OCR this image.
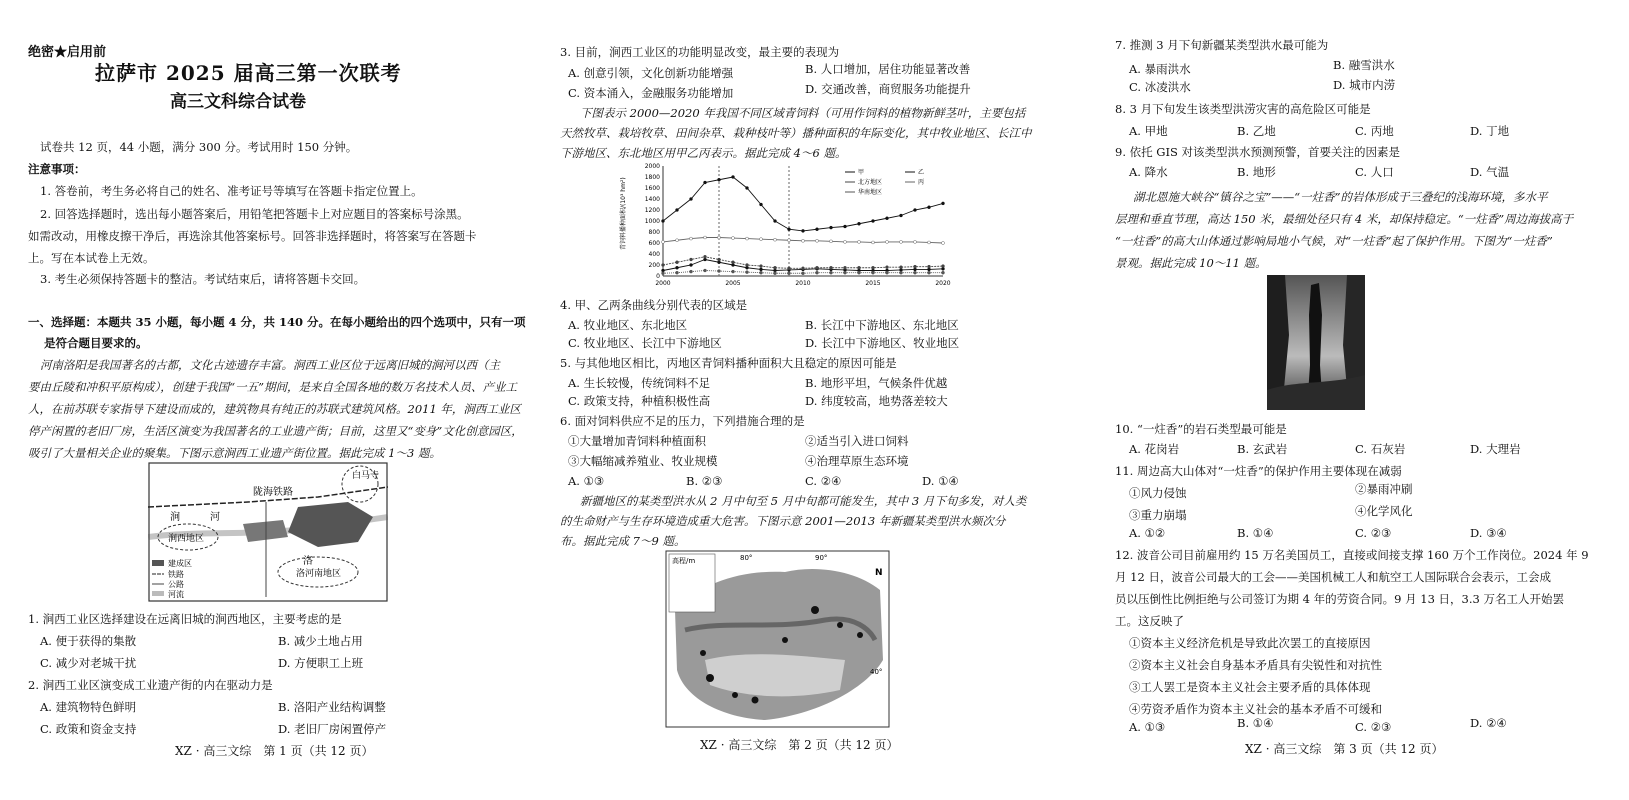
绝密★启用前
拉萨市 2025 届高三第一次联考
高三文科综合试卷
试卷共 12 页，44 小题，满分 300 分。考试用时 150 分钟。
注意事项：
1. 答卷前，考生务必将自己的姓名、准考证号等填写在答题卡指定位置上。
2. 回答选择题时，选出每小题答案后，用铅笔把答题卡上对应题目的答案标号涂黑。
如需改动，用橡皮擦干净后，再选涂其他答案标号。回答非选择题时，将答案写在答题卡
上。写在本试卷上无效。
3. 考生必须保持答题卡的整洁。考试结束后，请将答题卡交回。
一、选择题：本题共 35 小题，每小题 4 分，共 140 分。在每小题给出的四个选项中，只有一项
是符合题目要求的。
河南洛阳是我国著名的古都，文化古迹遗存丰富。涧西工业区位于远离旧城的涧河以西（主
要由丘陵和冲积平原构成），创建于我国“一五”期间，是来自全国各地的数万名技术人员、产业工
人，在前苏联专家指导下建设而成的，建筑物具有纯正的苏联式建筑风格。2011 年，涧西工业区
停产闲置的老旧厂房，生活区演变为我国著名的工业遗产街；目前，这里又“变身”文化创意园区，
吸引了大量相关企业的聚集。下图示意涧西工业遗产街位置。据此完成 1～3 题。
陇海铁路
白马寺
涧	河
洛
涧西地区
洛河南地区
建成区
铁路
公路
河流
1. 涧西工业区选择建设在远离旧城的涧西地区，主要考虑的是
A. 便于获得的集散	B. 减少土地占用
C. 减少对老城干扰	D. 方便职工上班
2. 涧西工业区演变成工业遗产街的内在驱动力是
A. 建筑物特色鲜明	B. 洛阳产业结构调整
C. 政策和资金支持	D. 老旧厂房闲置停产
XZ · 高三文综　第 1 页（共 12 页）
3. 目前，涧西工业区的功能明显改变，最主要的表现为
A. 创意引领，文化创新功能增强	B. 人口增加，居住功能显著改善
C. 资本涌入，金融服务功能增加	D. 交通改善，商贸服务功能提升
下图表示 2000—2020 年我国不同区域青饲料（可用作饲料的植物新鲜茎叶，主要包括
天然牧草、栽培牧草、田间杂草、栽种枝叶等）播种面积的年际变化，其中牧业地区、长江中
下游地区、东北地区用甲乙丙表示。据此完成 4～6 题。
青饲料播种面积/(10³ hm²)
0
200
400
600
800
1000
1200
1400
1600
1800
2000
2000	2005	2010	2015	2020
甲	乙
北方地区	丙
华南地区
4. 甲、乙两条曲线分别代表的区域是
A. 牧业地区、东北地区	B. 长江中下游地区、东北地区
C. 牧业地区、长江中下游地区	D. 长江中下游地区、牧业地区
5. 与其他地区相比，丙地区青饲料播种面积大且稳定的原因可能是
A. 生长较慢，传统饲料不足	B. 地形平坦，气候条件优越
C. 政策支持，种植积极性高	D. 纬度较高，地势落差较大
6. 面对饲料供应不足的压力，下列措施合理的是
①大量增加青饲料种植面积	②适当引入进口饲料
③大幅缩减养殖业、牧业规模	④治理草原生态环境
A. ①③	B. ②③	C. ②④	D. ①④
新疆地区的某类型洪水从 2 月中旬至 5 月中旬都可能发生，其中 3 月下旬多发，对人类
的生命财产与生存环境造成重大危害。下图示意 2001—2013 年新疆某类型洪水频次分
布。据此完成 7～9 题。
高程/m	80°	90°
40°
N
XZ · 高三文综　第 2 页（共 12 页）
7. 推测 3 月下旬新疆某类型洪水最可能为
A. 暴雨洪水	B. 融雪洪水
C. 冰凌洪水	D. 城市内涝
8. 3 月下旬发生该类型洪涝灾害的高危险区可能是
A. 甲地	B. 乙地	C. 丙地	D. 丁地
9. 依托 GIS 对该类型洪水预测预警，首要关注的因素是
A. 降水	B. 地形	C. 人口	D. 气温
湖北恩施大峡谷“镇谷之宝”——“一炷香”的岩体形成于三叠纪的浅海环境，多水平
层理和垂直节理，高达 150 米，最细处径只有 4 米，却保持稳定。“一炷香”周边海拔高于
“一炷香”的高大山体通过影响局地小气候，对“一炷香”起了保护作用。下图为“一炷香”
景观。据此完成 10～11 题。
10. “一炷香”的岩石类型最可能是
A. 花岗岩	B. 玄武岩	C. 石灰岩	D. 大理岩
11. 周边高大山体对“一炷香”的保护作用主要体现在减弱
①风力侵蚀	②暴雨冲刷
③重力崩塌	④化学风化
A. ①②	B. ①④	C. ②③	D. ③④
12. 波音公司目前雇用约 15 万名美国员工，直接或间接支撑 160 万个工作岗位。2024 年 9
月 12 日，波音公司最大的工会——美国机械工人和航空工人国际联合会表示，工会成
员以压倒性比例拒绝与公司签订为期 4 年的劳资合同。9 月 13 日，3.3 万名工人开始罢
工。这反映了
①资本主义经济危机是导致此次罢工的直接原因
②资本主义社会自身基本矛盾具有尖锐性和对抗性
③工人罢工是资本主义社会主要矛盾的具体体现
④劳资矛盾作为资本主义社会的基本矛盾不可缓和
A. ①③	B. ①④	C. ②③	D. ②④
XZ · 高三文综　第 3 页（共 12 页）
